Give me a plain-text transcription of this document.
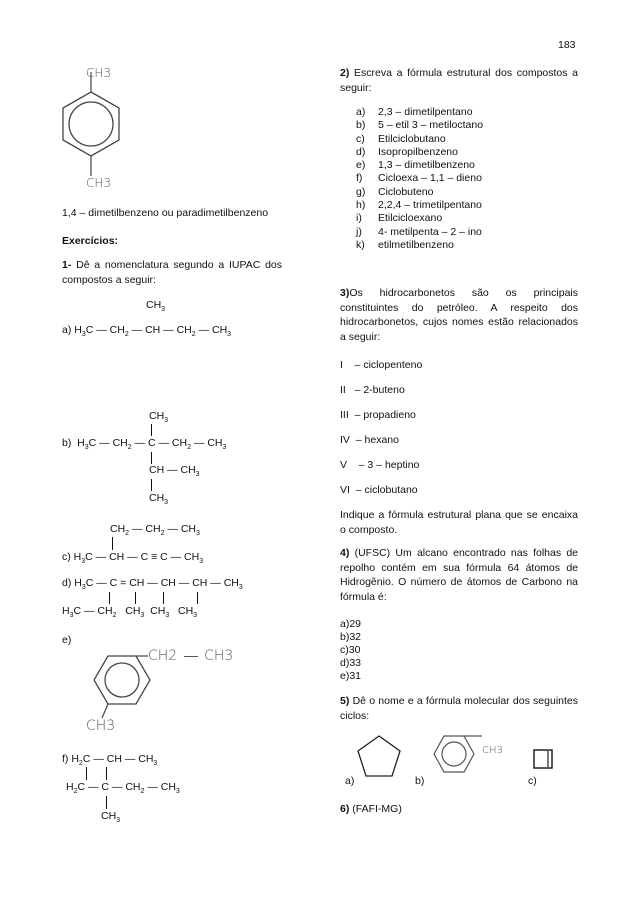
183
CH3
CH3
1,4 – dimetilbenzeno ou paradimetilbenzeno
Exercícios:
1- Dê a nomenclatura segundo a IUPAC dos compostos a seguir:
$CH_3$
a) $H_3C$ — $CH_2$ — CH — $CH_2$ — $CH_3$
$CH_3$
b)  $H_3C$ — $CH_2$ — C — $CH_2$ — $CH_3$
CH — $CH_3$
$CH_3$
$CH_2$ — $CH_2$ — $CH_3$
c) $H_3C$ — CH — C ≡ C — $CH_3$
d) $H_3C$ — C = CH — CH — CH — $CH_3$
$H_3C$ — $CH_2$   $CH_3$  $CH_3$   $CH_3$
e)
CH2 CH3
CH3
f) $H_2C$ — CH — $CH_3$
$H_2C$ — C — $CH_2$ — $CH_3$
$CH_3$
2) Escreva a fórmula estrutural dos compostos a seguir:
a) 2,3 – dimetilpentano
b) 5 – etil 3 – metiloctano
c) Etilciclobutano
d) Isopropilbenzeno
e) 1,3 – dimetilbenzeno
f) Cicloexa – 1,1 – dieno
g) Ciclobuteno
h) 2,2,4 – trimetilpentano
i) Etilcicloexano
j) 4- metilpenta – 2 – ino
k) etilmetilbenzeno
3)Os hidrocarbonetos são os principais constituintes do petróleo. A respeito dos hidrocarbonetos, cujos nomes estão relacionados a seguir:
I    – ciclopenteno
II   – 2-buteno
III  – propadieno
IV  – hexano
V    – 3 – heptino
VI  – ciclobutano
Indique a fórmula estrutural plana que se encaixa o composto.
4) (UFSC) Um alcano encontrado nas folhas de repolho contém em sua fórmula 64 átomos de Hidrogênio. O número de átomos de Carbono na fórmula é:
a)29
b)32
c)30
d)33
e)31
5) Dê o nome e a fórmula molecular dos seguintes ciclos:
CH3
a)	b)	c)
6) (FAFI-MG)
